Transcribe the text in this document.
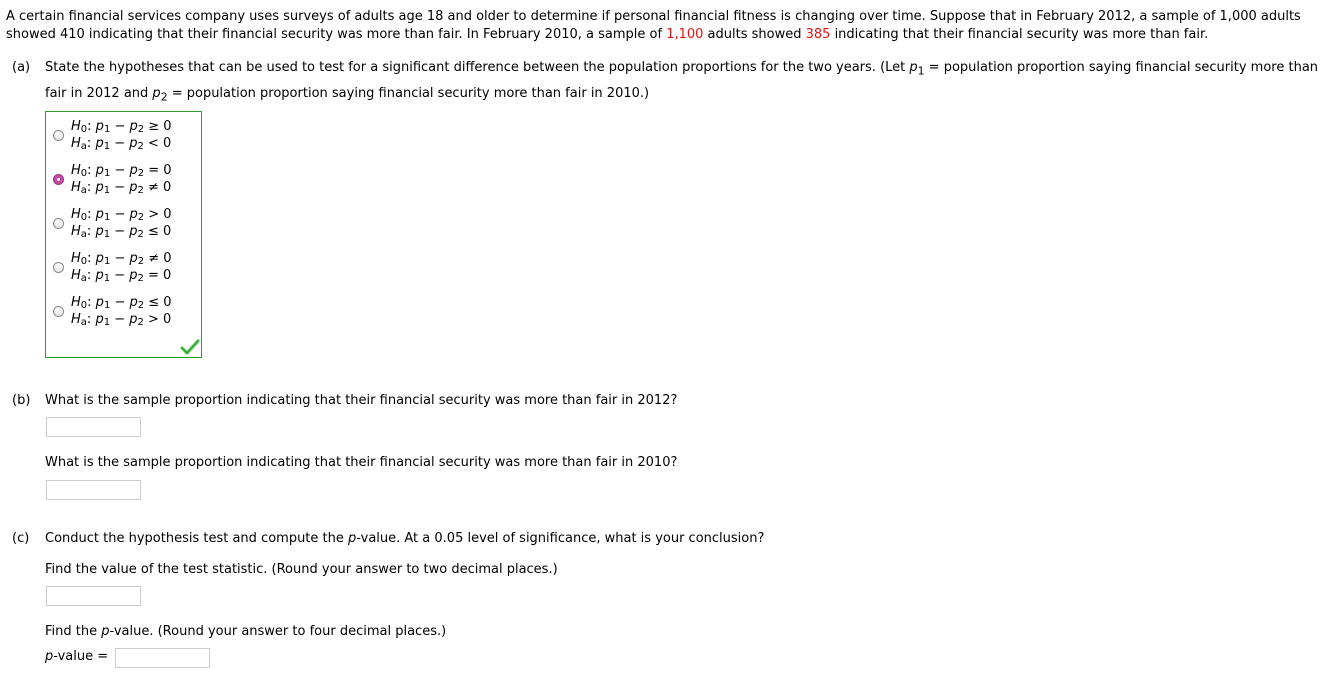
A certain financial services company uses surveys of adults age 18 and older to determine if personal financial fitness is changing over time. Suppose that in February 2012, a sample of 1,000 adults showed 410 indicating that their financial security was more than fair. In February 2010, a sample of 1,100 adults showed 385 indicating that their financial security was more than fair.

(a) State the hypotheses that can be used to test for a significant difference between the population proportions for the two years. (Let $p_1$ = population proportion saying financial security more than fair in 2012 and $p_2$ = population proportion saying financial security more than fair in 2010.)
$H_0$: $p_1 - p_2 \ge 0$
$H_a$: $p_1 - p_2 < 0$
$H_0$: $p_1 - p_2 = 0$
$H_a$: $p_1 - p_2 \ne 0$
$H_0$: $p_1 - p_2 > 0$
$H_a$: $p_1 - p_2 \le 0$
$H_0$: $p_1 - p_2 \ne 0$
$H_a$: $p_1 - p_2 = 0$
$H_0$: $p_1 - p_2 \le 0$
$H_a$: $p_1 - p_2 > 0$
(b) What is the sample proportion indicating that their financial security was more than fair in 2012?
What is the sample proportion indicating that their financial security was more than fair in 2010?
(c) Conduct the hypothesis test and compute the p-value. At a 0.05 level of significance, what is your conclusion?
Find the value of the test statistic. (Round your answer to two decimal places.)
Find the p-value. (Round your answer to four decimal places.)
p-value =
